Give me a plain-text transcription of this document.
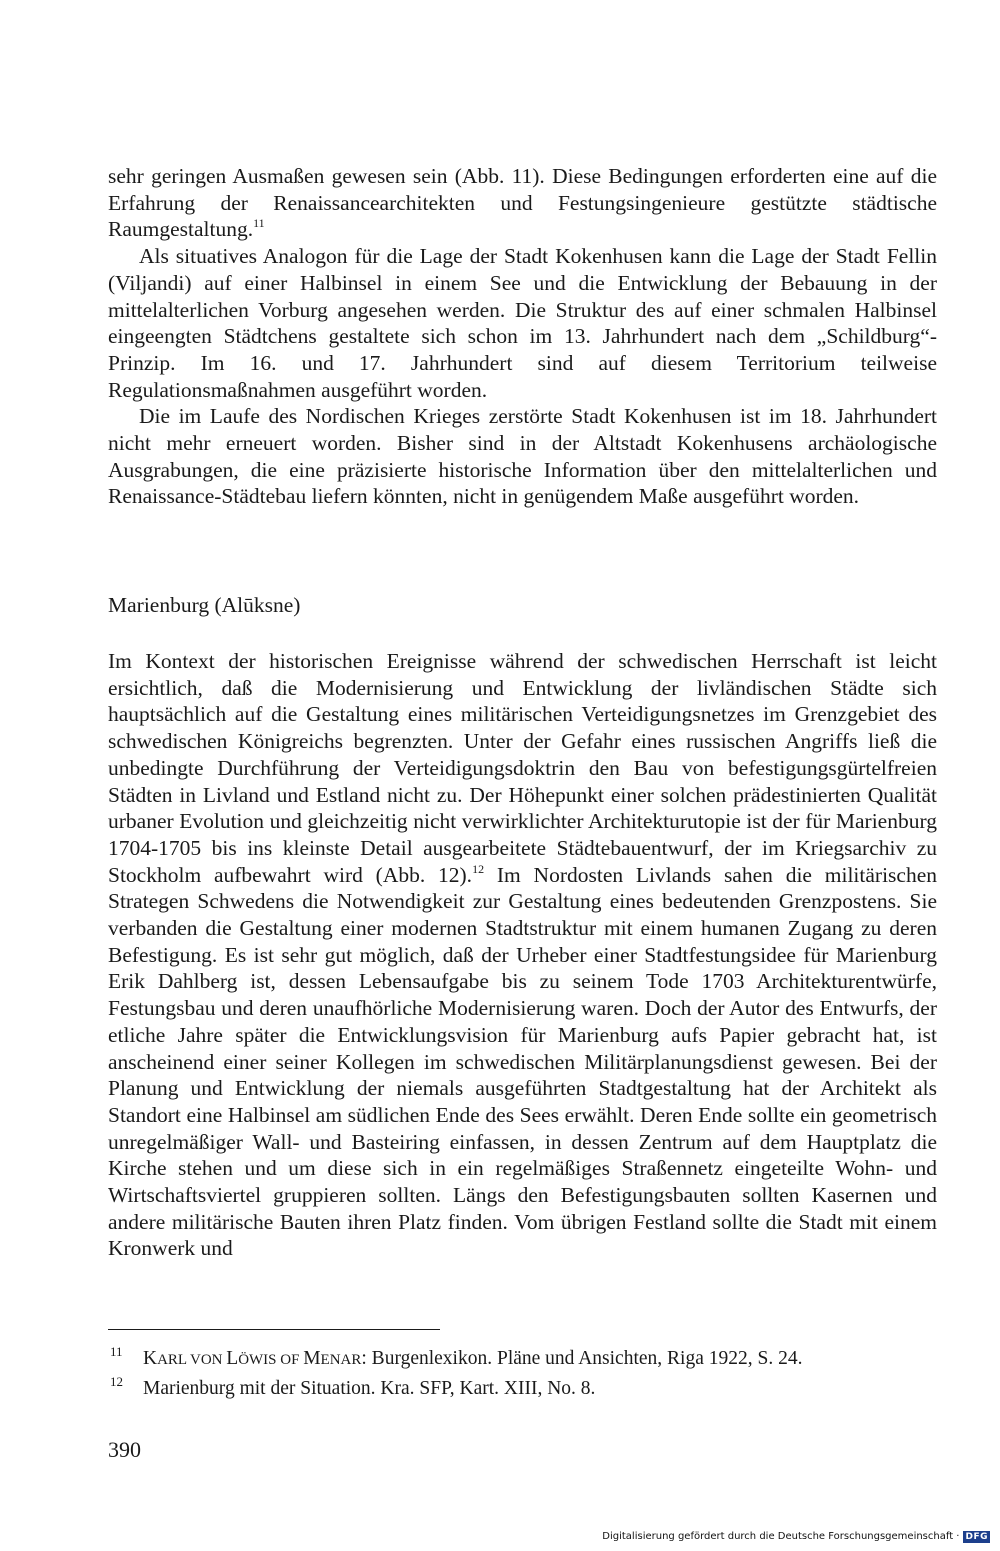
sehr geringen Ausmaßen gewesen sein (Abb. 11). Diese Bedingungen erforderten eine auf die Erfahrung der Renaissancearchitekten und Festungsingenieure gestützte städtische Raumgestaltung.$^{11}$

Als situatives Analogon für die Lage der Stadt Kokenhusen kann die Lage der Stadt Fellin (Viljandi) auf einer Halbinsel in einem See und die Entwicklung der Bebauung in der mittelalterlichen Vorburg angesehen werden. Die Struktur des auf einer schmalen Halbinsel eingeengten Städtchens gestaltete sich schon im 13. Jahrhundert nach dem „Schildburg“-Prinzip. Im 16. und 17. Jahrhundert sind auf diesem Territorium teilweise Regulationsmaßnahmen ausgeführt worden.

Die im Laufe des Nordischen Krieges zerstörte Stadt Kokenhusen ist im 18. Jahrhundert nicht mehr erneuert worden. Bisher sind in der Altstadt Kokenhusens archäologische Ausgrabungen, die eine präzisierte historische Information über den mittelalterlichen und Renaissance-Städtebau liefern könnten, nicht in genügendem Maße ausgeführt worden.

Marienburg (Alūksne)

Im Kontext der historischen Ereignisse während der schwedischen Herrschaft ist leicht ersichtlich, daß die Modernisierung und Entwicklung der livländischen Städte sich hauptsächlich auf die Gestaltung eines militärischen Verteidigungsnetzes im Grenzgebiet des schwedischen Königreichs begrenzten. Unter der Gefahr eines russischen Angriffs ließ die unbedingte Durchführung der Verteidigungsdoktrin den Bau von befestigungsgürtelfreien Städten in Livland und Estland nicht zu. Der Höhepunkt einer solchen prädestinierten Qualität urbaner Evolution und gleichzeitig nicht verwirklichter Architekturutopie ist der für Marienburg 1704-1705 bis ins kleinste Detail ausgearbeitete Städtebauentwurf, der im Kriegsarchiv zu Stockholm aufbewahrt wird (Abb. 12).$^{12}$ Im Nordosten Livlands sahen die militärischen Strategen Schwedens die Notwendigkeit zur Gestaltung eines bedeutenden Grenzpostens. Sie verbanden die Gestaltung einer modernen Stadtstruktur mit einem humanen Zugang zu deren Befestigung. Es ist sehr gut möglich, daß der Urheber einer Stadtfestungsidee für Marienburg Erik Dahlberg ist, dessen Lebensaufgabe bis zu seinem Tode 1703 Architekturentwürfe, Festungsbau und deren unaufhörliche Modernisierung waren. Doch der Autor des Entwurfs, der etliche Jahre später die Entwicklungsvision für Marienburg aufs Papier gebracht hat, ist anscheinend einer seiner Kollegen im schwedischen Militärplanungsdienst gewesen. Bei der Planung und Entwicklung der niemals ausgeführten Stadtgestaltung hat der Architekt als Standort eine Halbinsel am südlichen Ende des Sees erwählt. Deren Ende sollte ein geometrisch unregelmäßiger Wall- und Basteiring einfassen, in dessen Zentrum auf dem Hauptplatz die Kirche stehen und um diese sich in ein regelmäßiges Straßennetz eingeteilte Wohn- und Wirtschaftsviertel gruppieren sollten. Längs den Befestigungsbauten sollten Kasernen und andere militärische Bauten ihren Platz finden. Vom übrigen Festland sollte die Stadt mit einem Kronwerk und

11 KARL VON LÖWIS OF MENAR: Burgenlexikon. Pläne und Ansichten, Riga 1922, S. 24.
12 Marienburg mit der Situation. Kra. SFP, Kart. XIII, No. 8.
390
Digitalisierung gefördert durch die Deutsche Forschungsgemeinschaft · DFG
